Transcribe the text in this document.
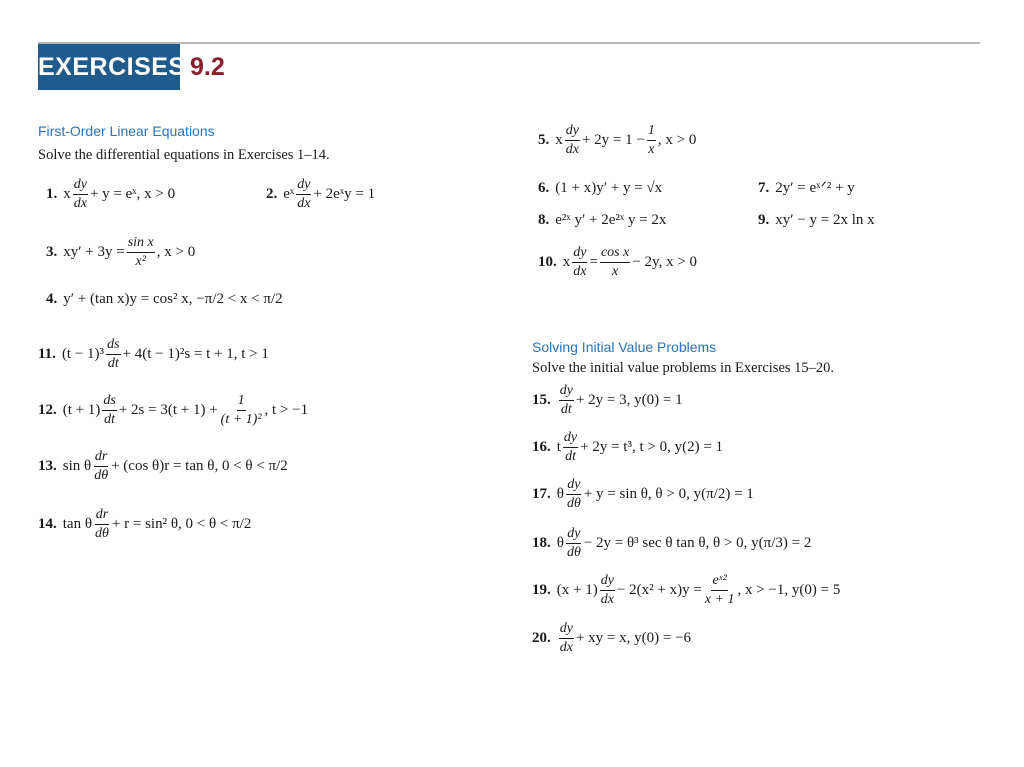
EXERCISES 9.2
First-Order Linear Equations
Solve the differential equations in Exercises 1–14.
Solving Initial Value Problems
Solve the initial value problems in Exercises 15–20.
1. x $\frac{dy}{dx} + y$ = eˣ, x > 0	2. eˣ $\frac{dy}{dx}$ + 2eˣy = 1
3. $xy' + 3y = \frac{\text{sin x}}{\text{x²}}$ , x > 0
4. y′ + (tan x)y = cos² x, −π/2 < x < π/2
5. x $\frac{dy}{dx} + 2y = 1 - \frac{1}{x}$ , x > 0
6. (1 + x)y′ + y = √x	7. 2y′ = eˣᐟ² + y
8. e²ˣ y′ + 2e²ˣ y = 2x	9. xy′ − y = 2x ln x
10. x $\frac{dy}{dx} = \frac{\text{cos x}}{x} - 2y$, x > 0
11. $(t - 1)^3 \frac{ds}{dt} + 4(t - 1)^2s = t + 1$, t > 1
12. $(t + 1) \frac{ds}{dt} + 2s = 3(t + 1) + \frac{1}{\text{(t + 1)²}}$ , t > −1
13. sin θ $\frac{dr}{d\theta} + (\cos$ θ)r = tan θ, 0 < θ < π/2
14. tan θ $\frac{dr}{d\theta} + r = \sin^2$ θ, 0 < θ < π/2
15. $\frac{dy}{dt} + 2y = 3$, y(0) = 1
16. t $\frac{dy}{dt} + 2y = t^3$, t > 0, y(2) = 1
17. θ $\frac{dy}{d\theta} + y = \sin \theta$, θ > 0, y(π/2) = 1
18. θ $\frac{dy}{d\theta} - 2y = \theta^3$ sec θ tan θ, θ > 0, y(π/3) = 2
19. $(x + 1) \frac{dy}{dx} - 2(x^2 + x)y = \frac{\text{eˣ²}}{x + 1}$ , x > −1, y(0) = 5
20. $\frac{dy}{dx}$ + xy = x, y(0) = −6
